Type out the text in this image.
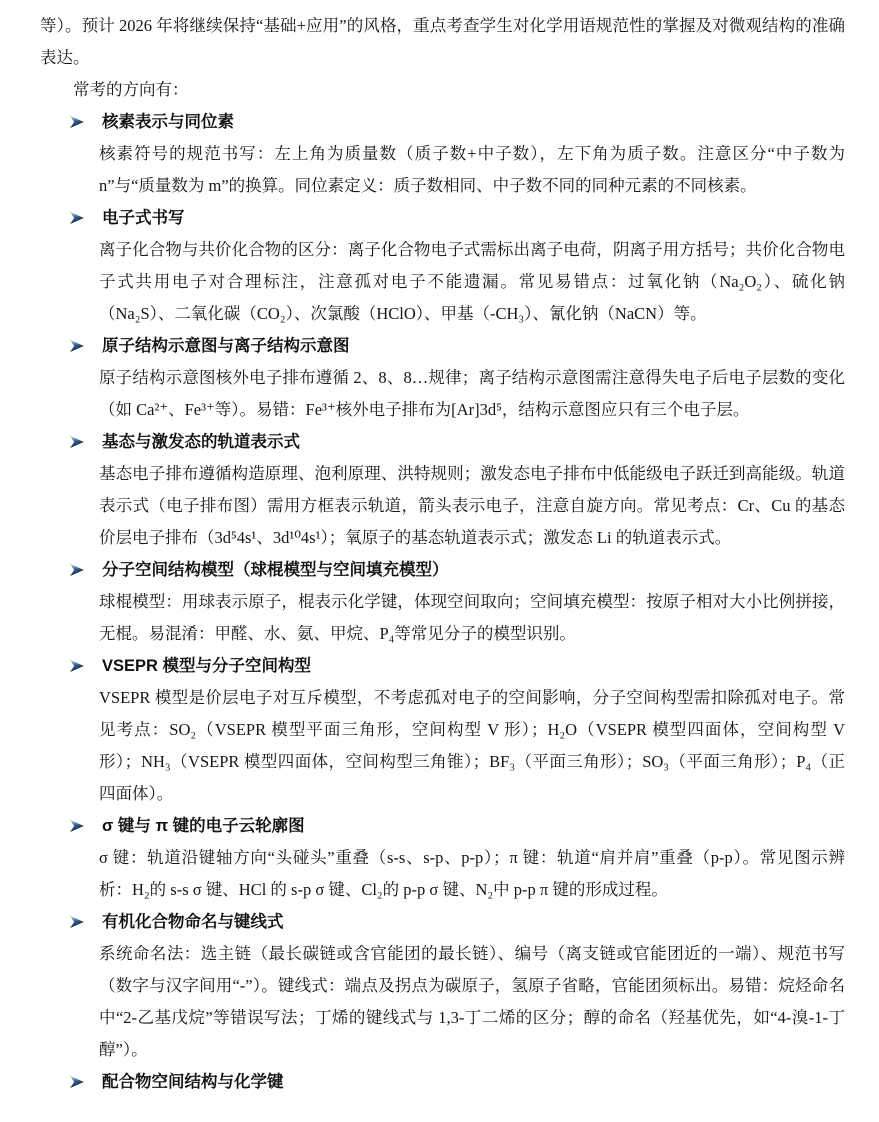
等）。预计 2026 年将继续保持“基础+应用”的风格，重点考查学生对化学用语规范性的掌握及对微观结构的准确表达。

常考的方向有：

核素表示与同位素

核素符号的规范书写：左上角为质量数（质子数+中子数），左下角为质子数。注意区分“中子数为 n”与“质量数为 m”的换算。同位素定义：质子数相同、中子数不同的同种元素的不同核素。

电子式书写

离子化合物与共价化合物的区分：离子化合物电子式需标出离子电荷，阴离子用方括号；共价化合物电子式共用电子对合理标注，注意孤对电子不能遗漏。常见易错点：过氧化钠（Na₂O₂）、硫化钠（Na₂S）、二氧化碳（CO₂）、次氯酸（HClO）、甲基（-CH₃）、氰化钠（NaCN）等。

原子结构示意图与离子结构示意图

原子结构示意图核外电子排布遵循 2、8、8…规律；离子结构示意图需注意得失电子后电子层数的变化（如 Ca²⁺、Fe³⁺等）。易错：Fe³⁺核外电子排布为[Ar]3d⁵，结构示意图应只有三个电子层。

基态与激发态的轨道表示式

基态电子排布遵循构造原理、泡利原理、洪特规则；激发态电子排布中低能级电子跃迁到高能级。轨道表示式（电子排布图）需用方框表示轨道，箭头表示电子，注意自旋方向。常见考点：Cr、Cu 的基态价层电子排布（3d⁵4s¹、3d¹⁰4s¹）；氧原子的基态轨道表示式；激发态 Li 的轨道表示式。

分子空间结构模型（球棍模型与空间填充模型）

球棍模型：用球表示原子，棍表示化学键，体现空间取向；空间填充模型：按原子相对大小比例拼接，无棍。易混淆：甲醛、水、氨、甲烷、P₄等常见分子的模型识别。

VSEPR 模型与分子空间构型

VSEPR 模型是价层电子对互斥模型，不考虑孤对电子的空间影响，分子空间构型需扣除孤对电子。常见考点：SO₂（VSEPR 模型平面三角形，空间构型 V 形）；H₂O（VSEPR 模型四面体，空间构型 V 形）；NH₃（VSEPR 模型四面体，空间构型三角锥）；BF₃（平面三角形）；SO₃（平面三角形）；P₄（正四面体）。

σ 键与 π 键的电子云轮廓图

σ 键：轨道沿键轴方向“头碰头”重叠（s-s、s-p、p-p）；π 键：轨道“肩并肩”重叠（p-p）。常见图示辨析：H₂的 s-s σ 键、HCl 的 s-p σ 键、Cl₂的 p-p σ 键、N₂中 p-p π 键的形成过程。

有机化合物命名与键线式

系统命名法：选主链（最长碳链或含官能团的最长链）、编号（离支链或官能团近的一端）、规范书写（数字与汉字间用“-”）。键线式：端点及拐点为碳原子，氢原子省略，官能团须标出。易错：烷烃命名中“2-乙基戊烷”等错误写法；丁烯的键线式与 1,3-丁二烯的区分；醇的命名（羟基优先，如“4-溴-1-丁醇”）。

配合物空间结构与化学键
